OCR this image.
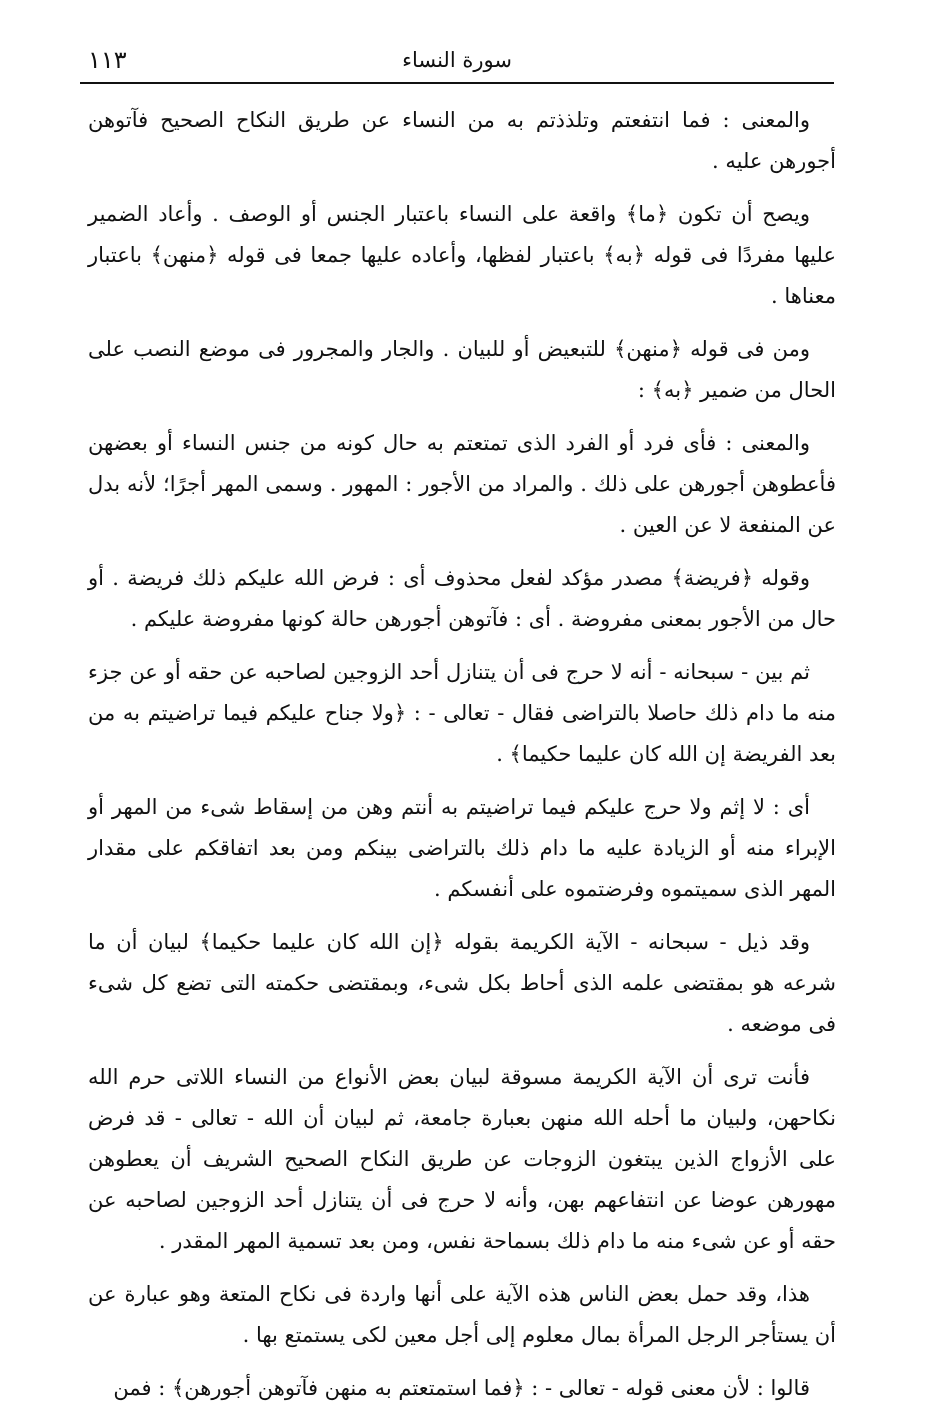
سورة النساء
١١٣

والمعنى : فما انتفعتم وتلذذتم به من النساء عن طريق النكاح الصحيح فآتوهن أجورهن عليه .

ويصح أن تكون ﴿ما﴾ واقعة على النساء باعتبار الجنس أو الوصف . وأعاد الضمير عليها مفردًا فى قوله ﴿به﴾ باعتبار لفظها، وأعاده عليها جمعا فى قوله ﴿منهن﴾ باعتبار معناها .

ومن فى قوله ﴿منهن﴾ للتبعيض أو للبيان . والجار والمجرور فى موضع النصب على الحال من ضمير ﴿به﴾ :

والمعنى : فأى فرد أو الفرد الذى تمتعتم به حال كونه من جنس النساء أو بعضهن فأعطوهن أجورهن على ذلك . والمراد من الأجور : المهور . وسمى المهر أجرًا؛ لأنه بدل عن المنفعة لا عن العين .

وقوله ﴿فريضة﴾ مصدر مؤكد لفعل محذوف أى : فرض الله عليكم ذلك فريضة . أو حال من الأجور بمعنى مفروضة . أى : فآتوهن أجورهن حالة كونها مفروضة عليكم .

ثم بين - سبحانه - أنه لا حرج فى أن يتنازل أحد الزوجين لصاحبه عن حقه أو عن جزء منه ما دام ذلك حاصلا بالتراضى فقال - تعالى - : ﴿ولا جناح عليكم فيما تراضيتم به من بعد الفريضة إن الله كان عليما حكيما﴾ .

أى : لا إثم ولا حرج عليكم فيما تراضيتم به أنتم وهن من إسقاط شىء من المهر أو الإبراء منه أو الزيادة عليه ما دام ذلك بالتراضى بينكم ومن بعد اتفاقكم على مقدار المهر الذى سميتموه وفرضتموه على أنفسكم .

وقد ذيل - سبحانه - الآية الكريمة بقوله ﴿إن الله كان عليما حكيما﴾ لبيان أن ما شرعه هو بمقتضى علمه الذى أحاط بكل شىء، وبمقتضى حكمته التى تضع كل شىء فى موضعه .

فأنت ترى أن الآية الكريمة مسوقة لبيان بعض الأنواع من النساء اللاتى حرم الله نكاحهن، ولبيان ما أحله الله منهن بعبارة جامعة، ثم لبيان أن الله - تعالى - قد فرض على الأزواج الذين يبتغون الزوجات عن طريق النكاح الصحيح الشريف أن يعطوهن مهورهن عوضا عن انتفاعهم بهن، وأنه لا حرج فى أن يتنازل أحد الزوجين لصاحبه عن حقه أو عن شىء منه ما دام ذلك بسماحة نفس، ومن بعد تسمية المهر المقدر .

هذا، وقد حمل بعض الناس هذه الآية على أنها واردة فى نكاح المتعة وهو عبارة عن أن يستأجر الرجل المرأة بمال معلوم إلى أجل معين لكى يستمتع بها .

قالوا : لأن معنى قوله - تعالى - : ﴿فما استمتعتم به منهن فآتوهن أجورهن﴾ : فمن
